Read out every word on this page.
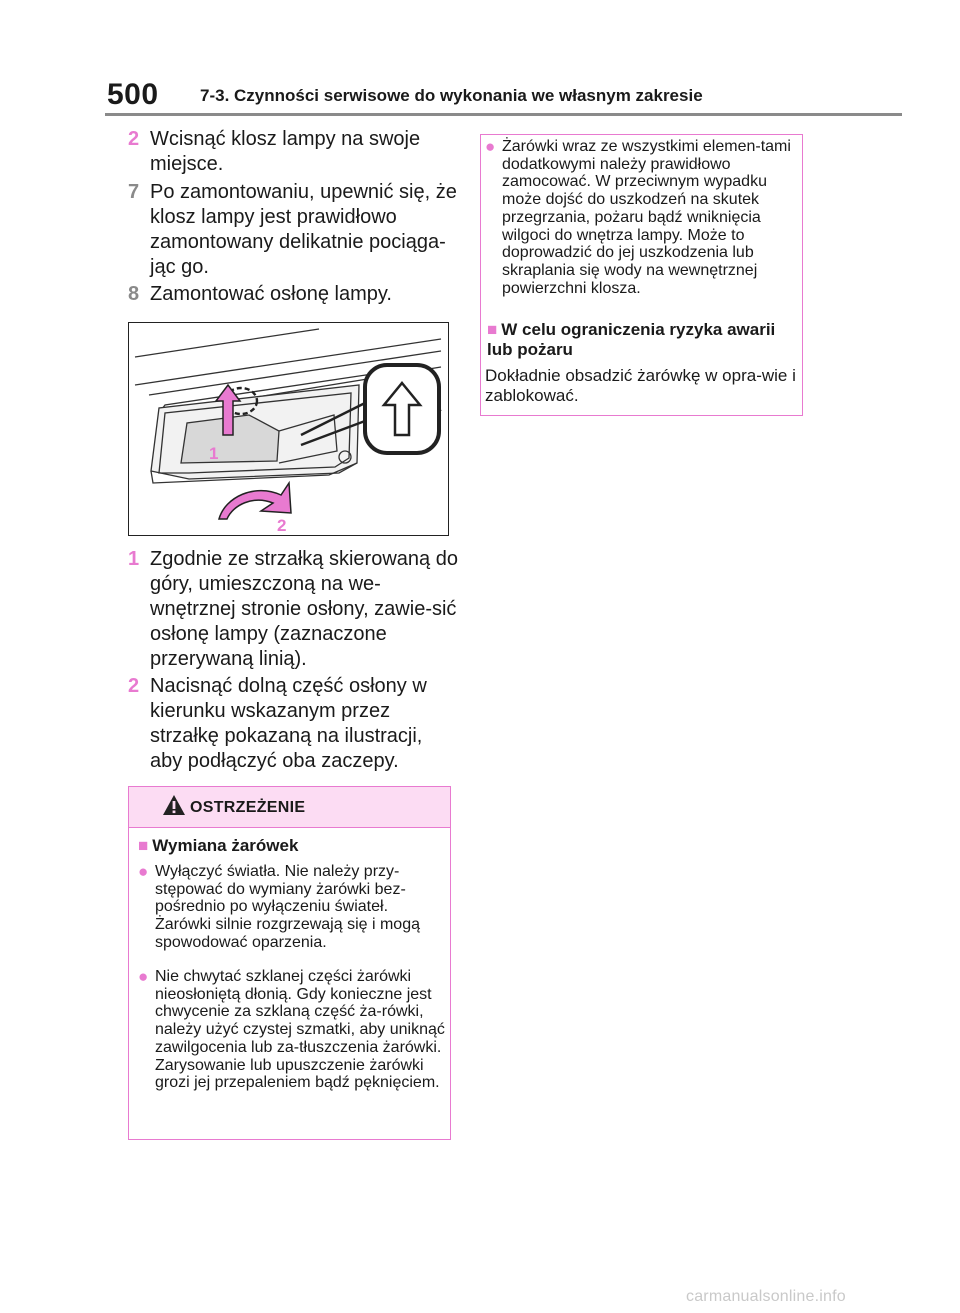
500 7-3. Czynności serwisowe do wykonania we własnym zakresie
2 Wcisnąć klosz lampy na swoje miejsce.
7 Po zamontowaniu, upewnić się, że klosz lampy jest prawidłowo zamontowany delikatnie pociąga-jąc go.
8 Zamontować osłonę lampy.
1
2
1 Zgodnie ze strzałką skierowaną do góry, umieszczoną na we-wnętrznej stronie osłony, zawie-sić osłonę lampy (zaznaczone przerywaną linią).
2 Nacisnąć dolną część osłony w kierunku wskazanym przez strzałkę pokazaną na ilustracji, aby podłączyć oba zaczepy.
OSTRZEŻENIE
■ Wymiana żarówek
● Wyłączyć światła. Nie należy przy-stępować do wymiany żarówki bez-pośrednio po wyłączeniu świateł. Żarówki silnie rozgrzewają się i mogą spowodować oparzenia.
● Nie chwytać szklanej części żarówki nieosłoniętą dłonią. Gdy konieczne jest chwycenie za szklaną część ża-rówki, należy użyć czystej szmatki, aby uniknąć zawilgocenia lub za-tłuszczenia żarówki. Zarysowanie lub upuszczenie żarówki grozi jej przepaleniem bądź pęknięciem.
● Żarówki wraz ze wszystkimi elemen-tami dodatkowymi należy prawidłowo zamocować. W przeciwnym wypadku może dojść do uszkodzeń na skutek przegrzania, pożaru bądź wniknięcia wilgoci do wnętrza lampy. Może to doprowadzić do jej uszkodzenia lub skraplania się wody na wewnętrznej powierzchni klosza.
■ W celu ograniczenia ryzyka awarii lub pożaru
Dokładnie obsadzić żarówkę w opra-wie i zablokować.
carmanualsonline.info
